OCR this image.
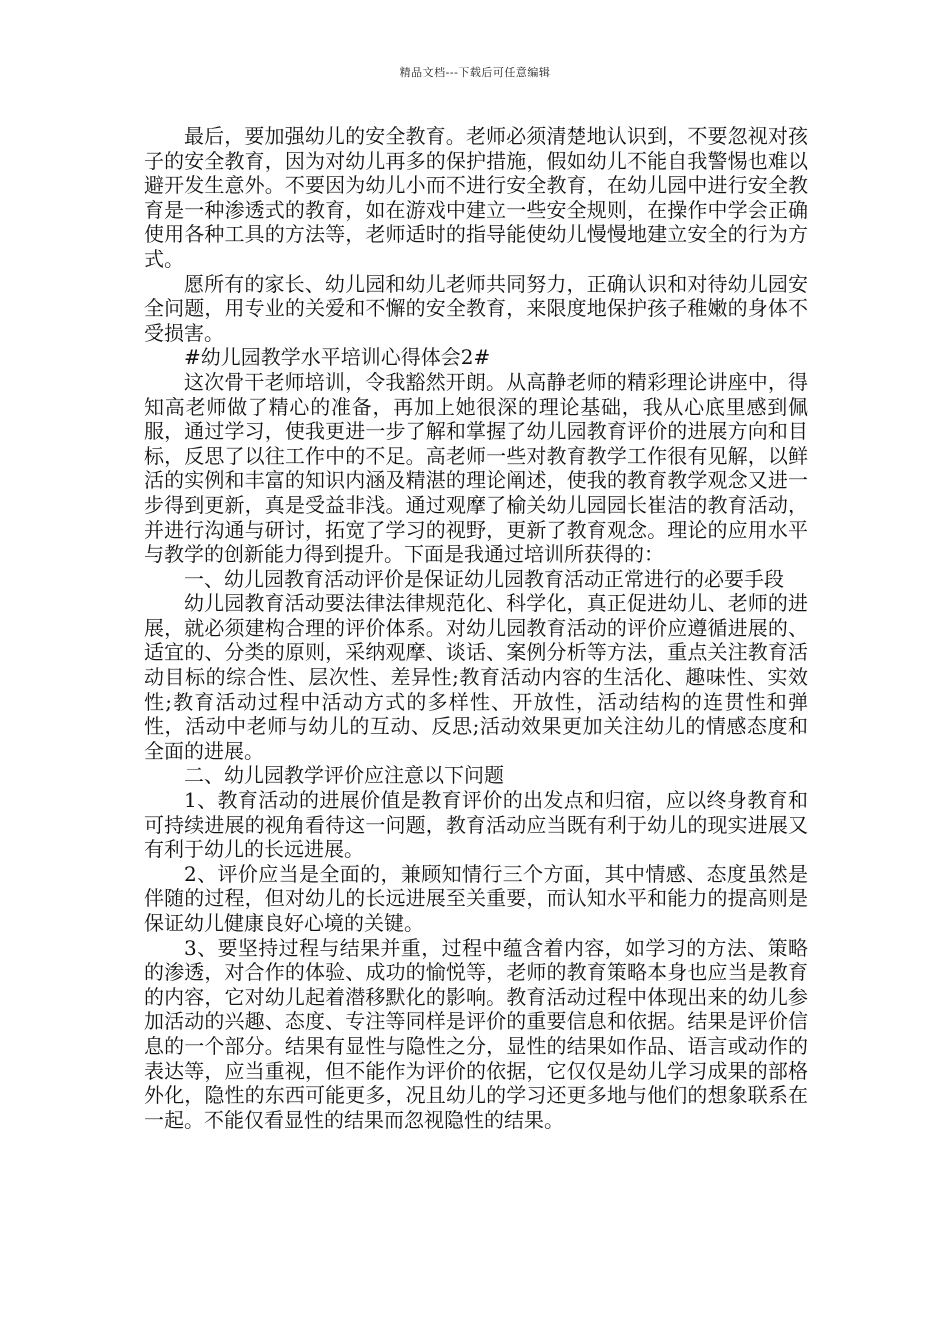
精品文档---下载后可任意编辑

最后，要加强幼儿的安全教育。老师必须清楚地认识到，不要忽视对孩子的安全教育，因为对幼儿再多的保护措施，假如幼儿不能自我警惕也难以避开发生意外。不要因为幼儿小而不进行安全教育，在幼儿园中进行安全教育是一种渗透式的教育，如在游戏中建立一些安全规则，在操作中学会正确使用各种工具的方法等，老师适时的指导能使幼儿慢慢地建立安全的行为方式。

愿所有的家长、幼儿园和幼儿老师共同努力，正确认识和对待幼儿园安全问题，用专业的关爱和不懈的安全教育，来限度地保护孩子稚嫩的身体不受损害。

#幼儿园教学水平培训心得体会2#

这次骨干老师培训，令我豁然开朗。从高静老师的精彩理论讲座中，得知高老师做了精心的准备，再加上她很深的理论基础，我从心底里感到佩服，通过学习，使我更进一步了解和掌握了幼儿园教育评价的进展方向和目标，反思了以往工作中的不足。高老师一些对教育教学工作很有见解，以鲜活的实例和丰富的知识内涵及精湛的理论阐述，使我的教育教学观念又进一步得到更新，真是受益非浅。通过观摩了榆关幼儿园园长崔洁的教育活动，并进行沟通与研讨，拓宽了学习的视野，更新了教育观念。理论的应用水平与教学的创新能力得到提升。下面是我通过培训所获得的：

一、幼儿园教育活动评价是保证幼儿园教育活动正常进行的必要手段

幼儿园教育活动要法律法律规范化、科学化，真正促进幼儿、老师的进展，就必须建构合理的评价体系。对幼儿园教育活动的评价应遵循进展的、适宜的、分类的原则，采纳观摩、谈话、案例分析等方法，重点关注教育活动目标的综合性、层次性、差异性;教育活动内容的生活化、趣味性、实效性;教育活动过程中活动方式的多样性、开放性，活动结构的连贯性和弹性，活动中老师与幼儿的互动、反思;活动效果更加关注幼儿的情感态度和全面的进展。

二、幼儿园教学评价应注意以下问题

1、教育活动的进展价值是教育评价的出发点和归宿，应以终身教育和可持续进展的视角看待这一问题，教育活动应当既有利于幼儿的现实进展又有利于幼儿的长远进展。

2、评价应当是全面的，兼顾知情行三个方面，其中情感、态度虽然是伴随的过程，但对幼儿的长远进展至关重要，而认知水平和能力的提高则是保证幼儿健康良好心境的关键。

3、要坚持过程与结果并重，过程中蕴含着内容，如学习的方法、策略的渗透，对合作的体验、成功的愉悦等，老师的教育策略本身也应当是教育的内容，它对幼儿起着潜移默化的影响。教育活动过程中体现出来的幼儿参加活动的兴趣、态度、专注等同样是评价的重要信息和依据。结果是评价信息的一个部分。结果有显性与隐性之分，显性的结果如作品、语言或动作的表达等，应当重视，但不能作为评价的依据，它仅仅是幼儿学习成果的部格外化，隐性的东西可能更多，况且幼儿的学习还更多地与他们的想象联系在一起。不能仅看显性的结果而忽视隐性的结果。
